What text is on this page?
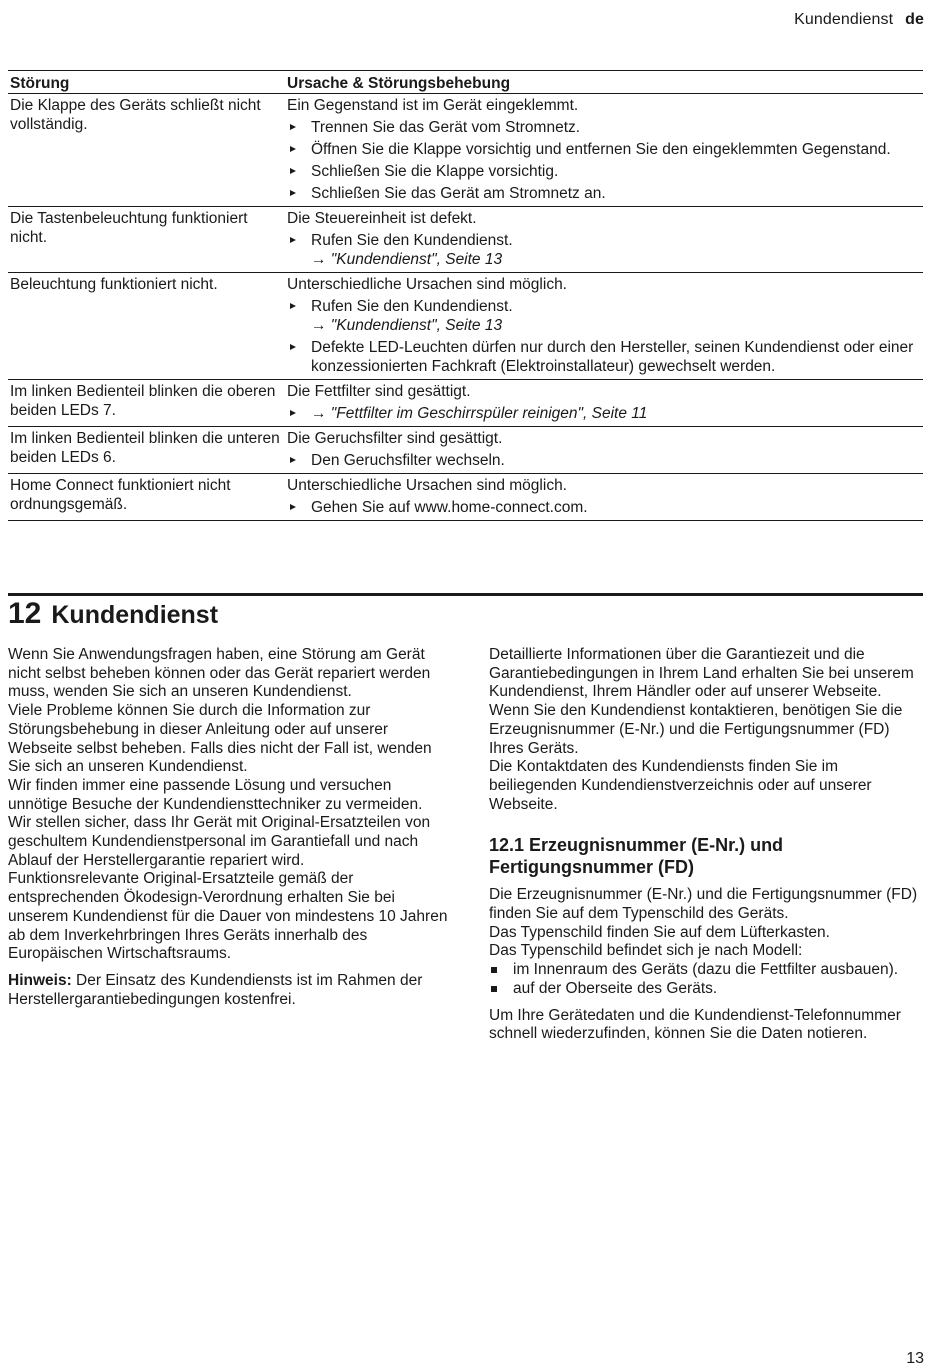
Kundendienst de
Störung	Ursache & Störungsbehebung
Die Klappe des Geräts schließt nicht vollständig.
Ein Gegenstand ist im Gerät eingeklemmt.
Trennen Sie das Gerät vom Stromnetz.
Öffnen Sie die Klappe vorsichtig und entfernen Sie den eingeklemmten Gegenstand.
Schließen Sie die Klappe vorsichtig.
Schließen Sie das Gerät am Stromnetz an.
Die Tastenbeleuchtung funktioniert nicht.
Die Steuereinheit ist defekt.
Rufen Sie den Kundendienst.
→ "Kundendienst", Seite 13
Beleuchtung funktioniert nicht.	Unterschiedliche Ursachen sind möglich.
Rufen Sie den Kundendienst.
→ "Kundendienst", Seite 13
Defekte LED-Leuchten dürfen nur durch den Hersteller, seinen Kundendienst oder einer konzessionierten Fachkraft (Elektroinstallateur) gewechselt werden.
Im linken Bedienteil blinken die oberen beiden LEDs 7.
Die Fettfilter sind gesättigt.
→ "Fettfilter im Geschirrspüler reinigen", Seite 11
Im linken Bedienteil blinken die unteren beiden LEDs 6.
Die Geruchsfilter sind gesättigt.
Den Geruchsfilter wechseln.
Home Connect funktioniert nicht ordnungsgemäß.
Unterschiedliche Ursachen sind möglich.
Gehen Sie auf www.home-connect.com.
12 Kundendienst

Wenn Sie Anwendungsfragen haben, eine Störung am Gerät nicht selbst beheben können oder das Gerät repariert werden muss, wenden Sie sich an unseren Kundendienst.

Viele Probleme können Sie durch die Information zur Störungsbehebung in dieser Anleitung oder auf unserer Webseite selbst beheben. Falls dies nicht der Fall ist, wenden Sie sich an unseren Kundendienst.

Wir finden immer eine passende Lösung und versuchen unnötige Besuche der Kundendiensttechniker zu vermeiden.

Wir stellen sicher, dass Ihr Gerät mit Original-Ersatzteilen von geschultem Kundendienstpersonal im Garantiefall und nach Ablauf der Herstellergarantie repariert wird.

Funktionsrelevante Original-Ersatzteile gemäß der entsprechenden Ökodesign-Verordnung erhalten Sie bei unserem Kundendienst für die Dauer von mindestens 10 Jahren ab dem Inverkehrbringen Ihres Geräts innerhalb des Europäischen Wirtschaftsraums.

Hinweis: Der Einsatz des Kundendiensts ist im Rahmen der Herstellergarantiebedingungen kostenfrei.

Detaillierte Informationen über die Garantiezeit und die Garantiebedingungen in Ihrem Land erhalten Sie bei unserem Kundendienst, Ihrem Händler oder auf unserer Webseite.

Wenn Sie den Kundendienst kontaktieren, benötigen Sie die Erzeugnisnummer (E-Nr.) und die Fertigungsnummer (FD) Ihres Geräts.

Die Kontaktdaten des Kundendiensts finden Sie im beiliegenden Kundendienstverzeichnis oder auf unserer Webseite.

12.1 Erzeugnisnummer (E-Nr.) und Fertigungsnummer (FD)

Die Erzeugnisnummer (E-Nr.) und die Fertigungsnummer (FD) finden Sie auf dem Typenschild des Geräts.

Das Typenschild finden Sie auf dem Lüfterkasten.

Das Typenschild befindet sich je nach Modell:

im Innenraum des Geräts (dazu die Fettfilter ausbauen).
auf der Oberseite des Geräts.

Um Ihre Gerätedaten und die Kundendienst-Telefonnummer schnell wiederzufinden, können Sie die Daten notieren.

13
